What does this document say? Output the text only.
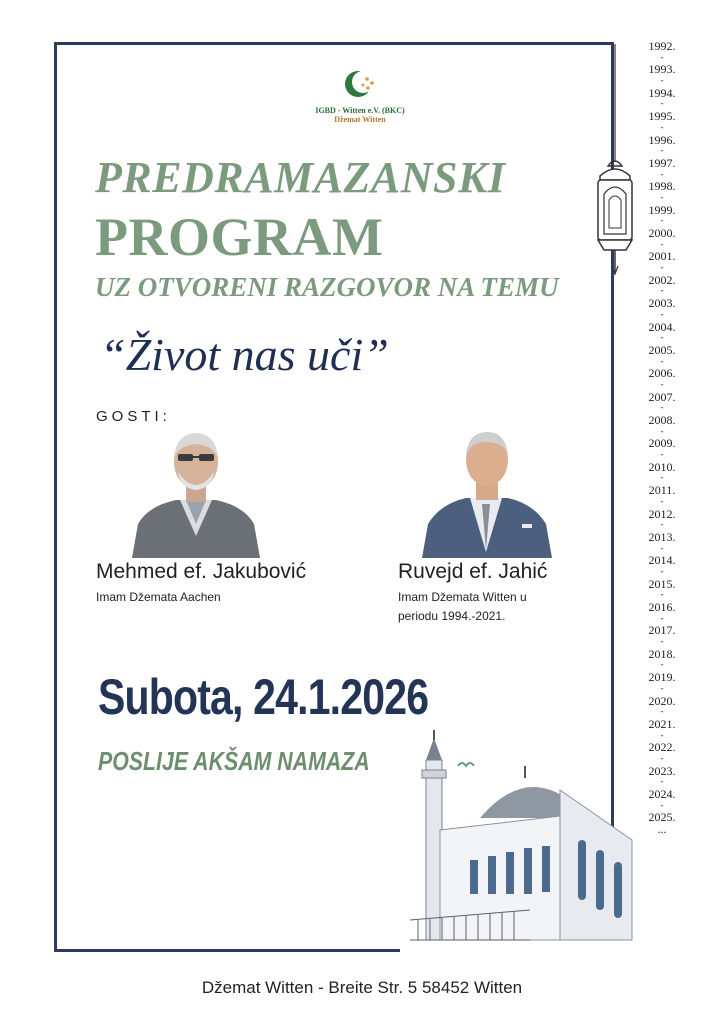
IGBD - Witten e.V. (BKC)
Džemat Witten
PREDRAMAZANSKI
PROGRAM
UZ OTVORENI RAZGOVOR NA TEMU
“Život nas uči”
GOSTI:
Mehmed ef. Jakubović
Imam Džemata Aachen
Ruvejd ef. Jahić
Imam Džemata Witten u periodu 1994.-2021.
Subota, 24.1.2026
POSLIJE AKŠAM NAMAZA
1992.
-
1993.
-
1994.
-
1995.
-
1996.
-
1997.
-
1998.
-
1999.
-
2000.
-
2001.
-
2002.
-
2003.
-
2004.
-
2005.
-
2006.
-
2007.
-
2008.
-
2009.
-
2010.
-
2011.
-
2012.
-
2013.
-
2014.
-
2015.
-
2016.
-
2017.
-
2018.
-
2019.
-
2020.
-
2021.
-
2022.
-
2023.
-
2024.
-
2025.
...
Džemat Witten - Breite Str. 5 58452 Witten
